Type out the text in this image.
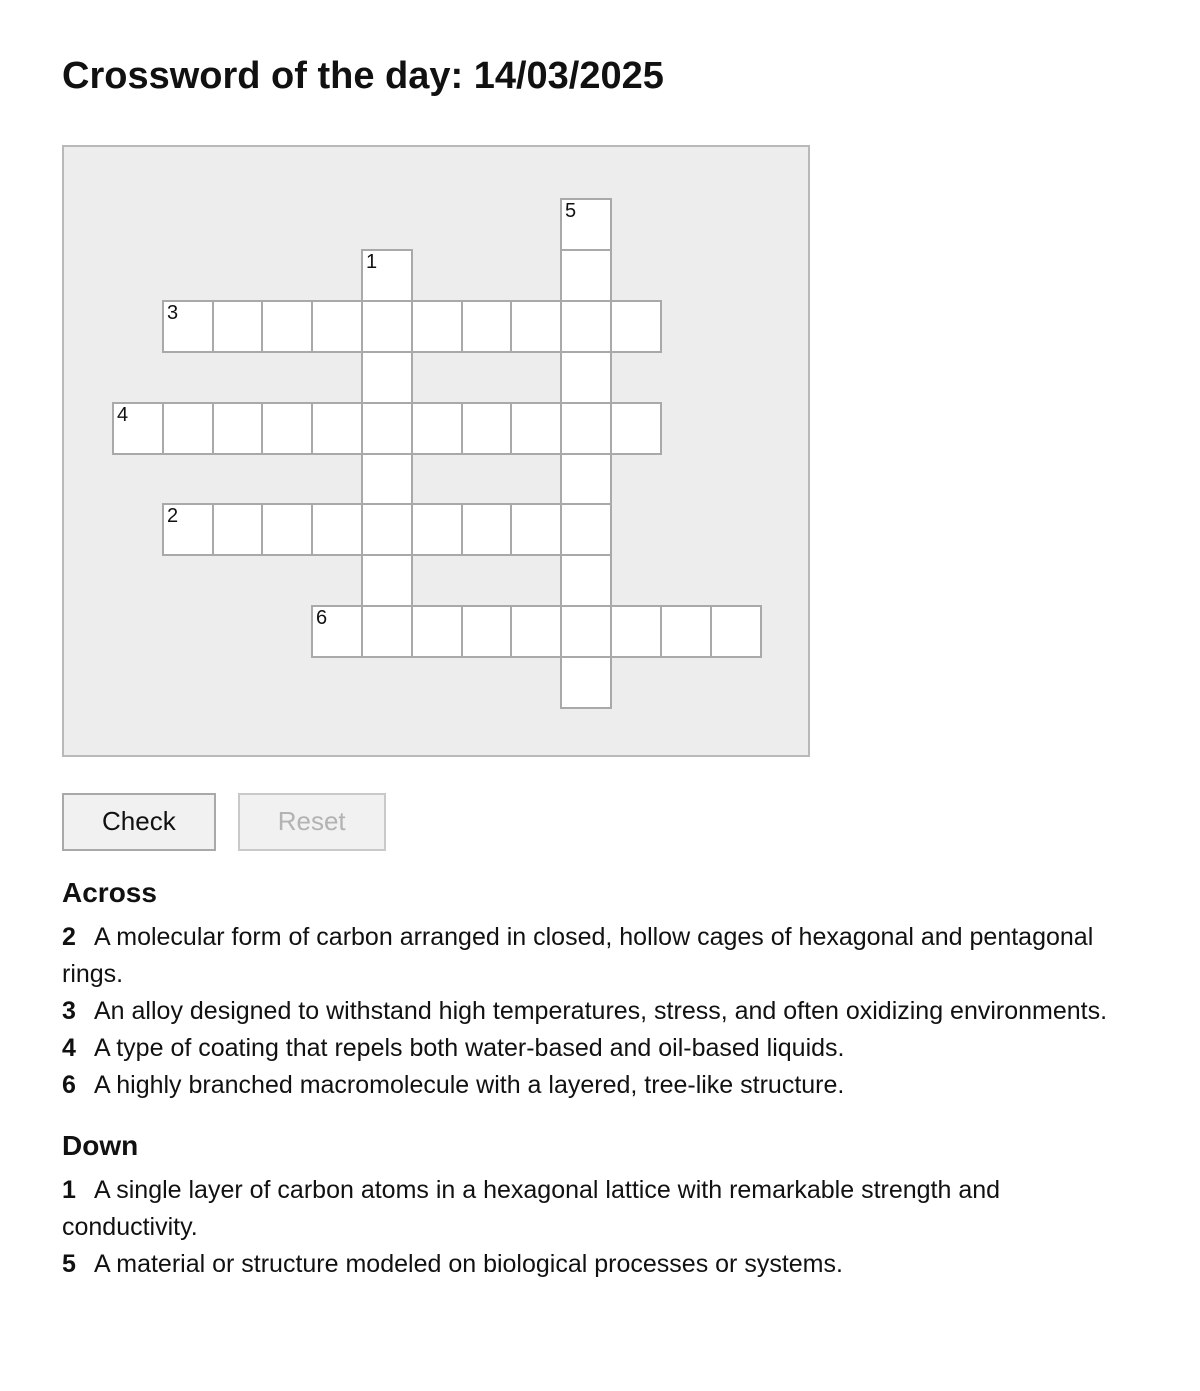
Crossword of the day: 14/03/2025
5
1
3
4
2
6
Check	Reset
Across

2 A molecular form of carbon arranged in closed, hollow cages of hexagonal and pentagonal rings.

3 An alloy designed to withstand high temperatures, stress, and often oxidizing environments.

4 A type of coating that repels both water-based and oil-based liquids.

6 A highly branched macromolecule with a layered, tree-like structure.

Down

1 A single layer of carbon atoms in a hexagonal lattice with remarkable strength and conductivity.

5 A material or structure modeled on biological processes or systems.
